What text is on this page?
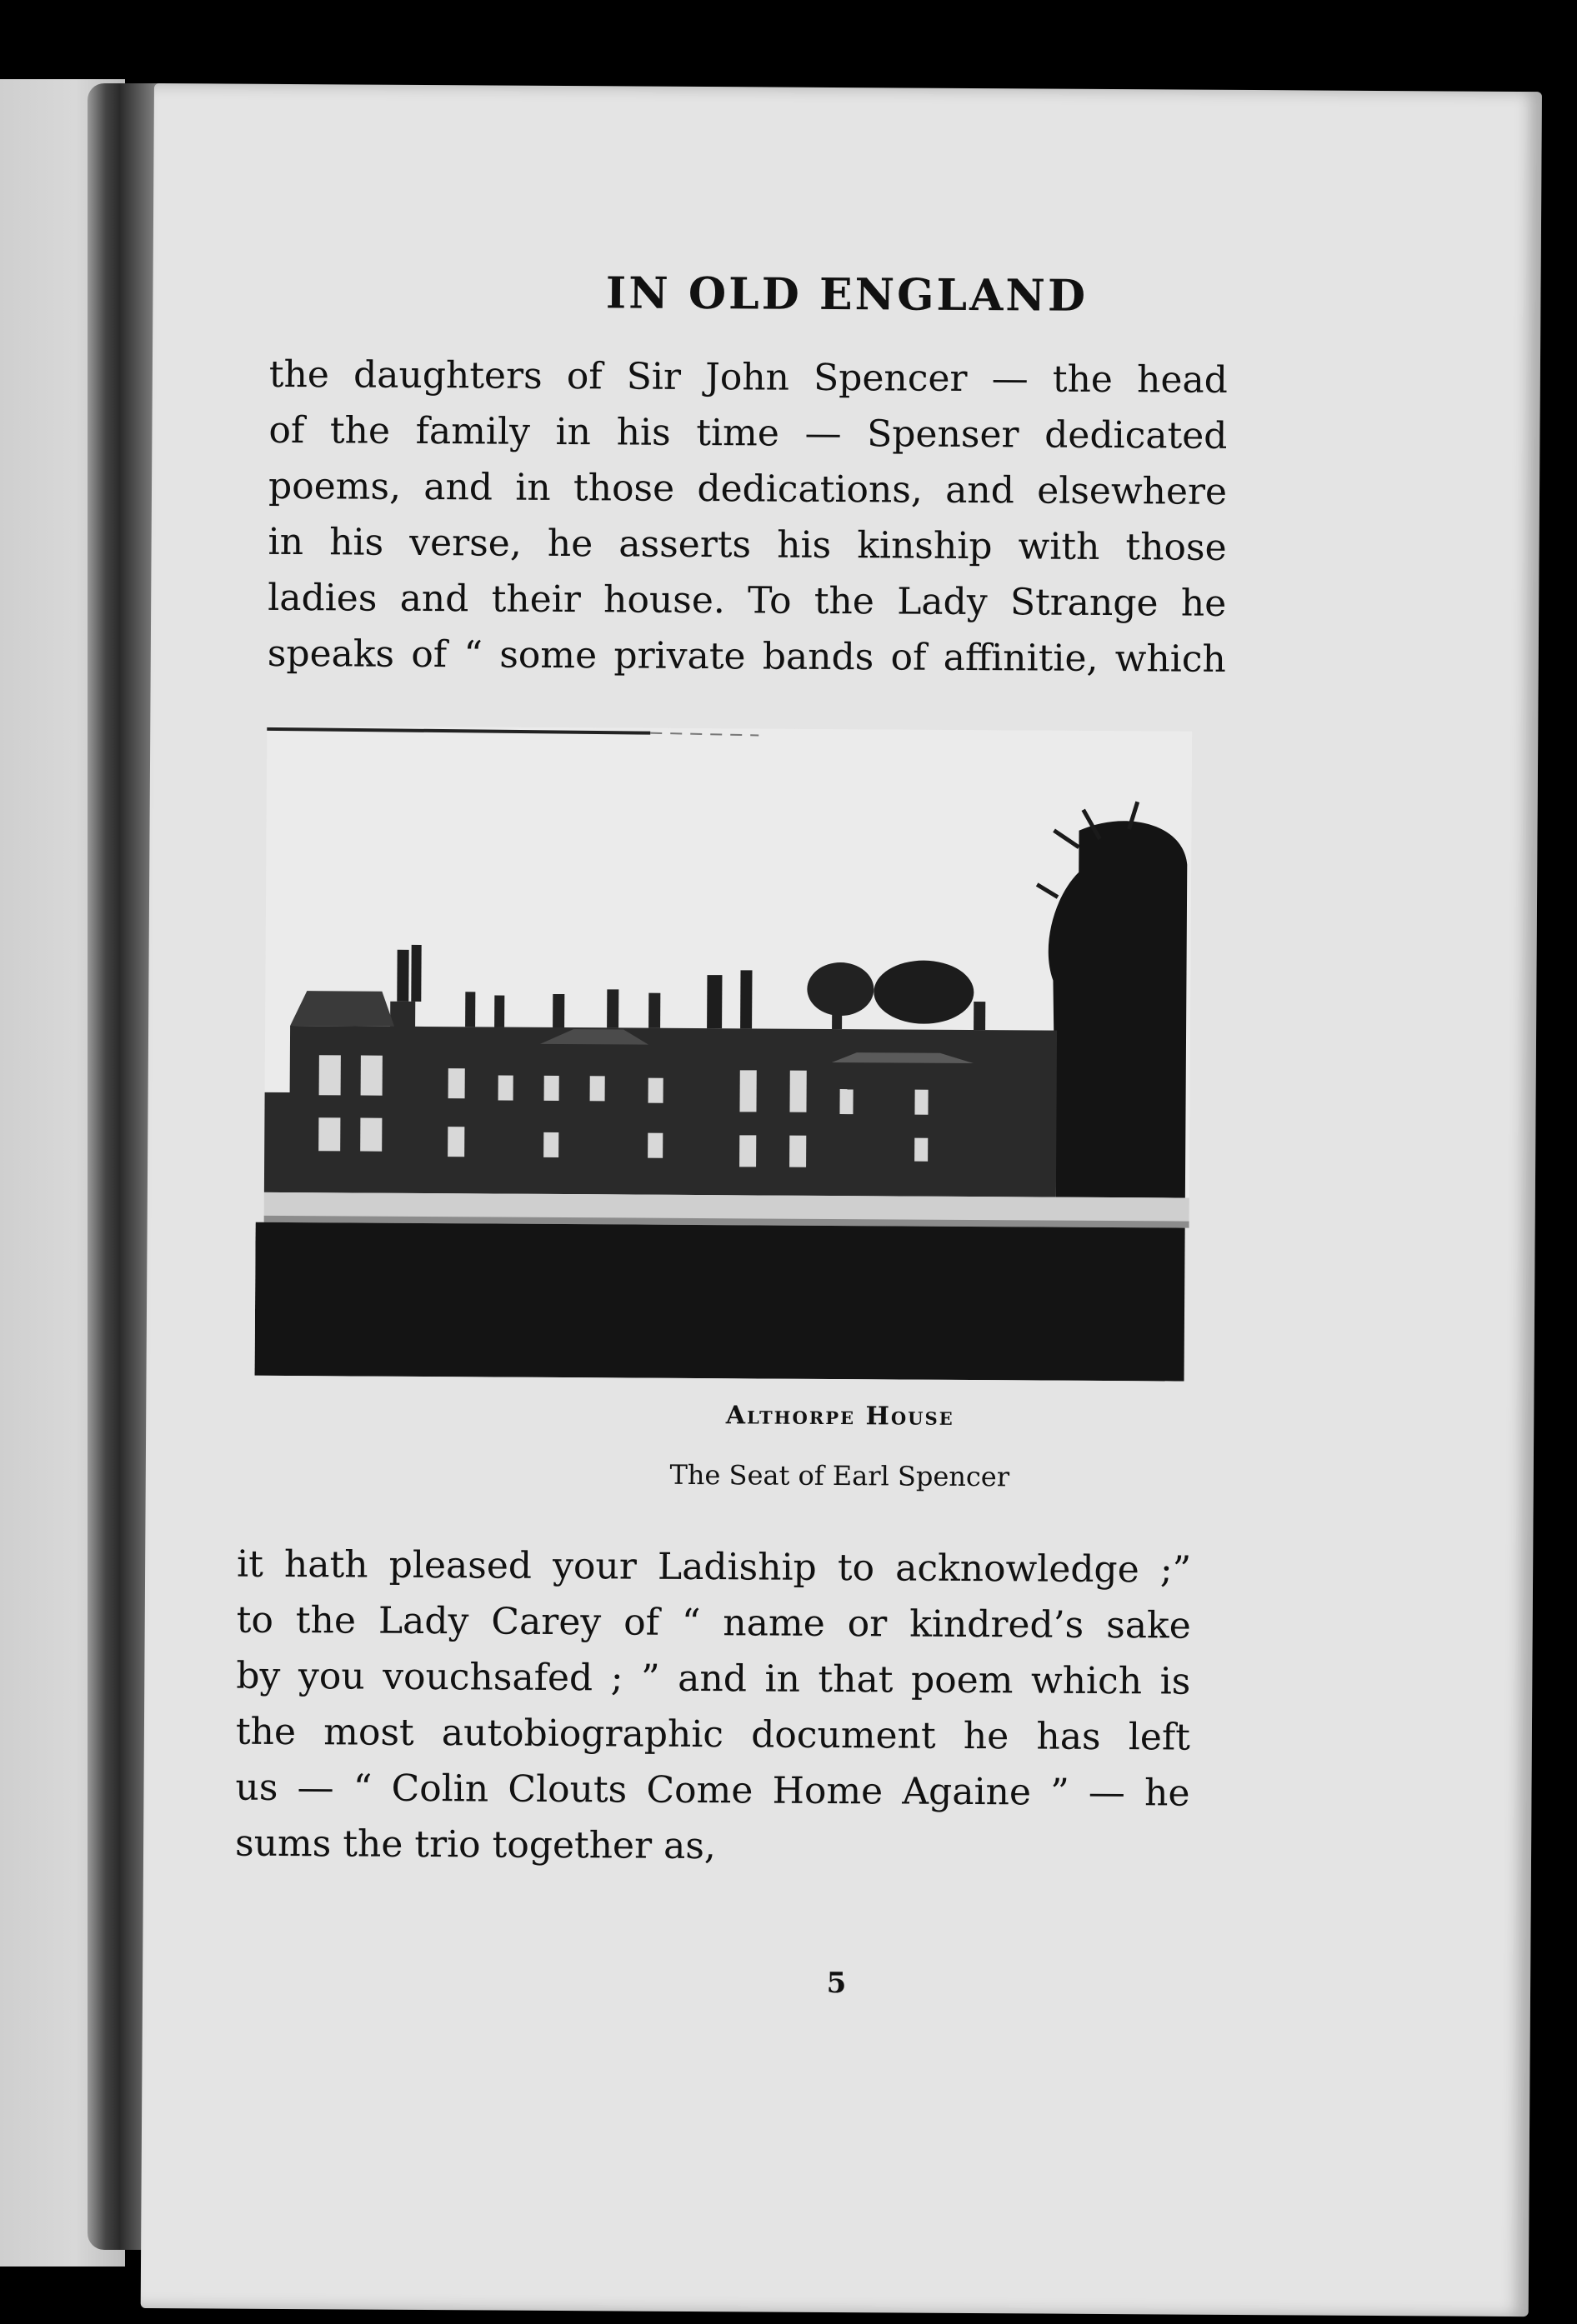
IN OLD ENGLAND
the daughters of Sir John Spencer — the head
of the family in his time — Spenser dedicated
poems, and in those dedications, and elsewhere
in his verse, he asserts his kinship with those
ladies and their house. To the Lady Strange he
speaks of “ some private bands of affinitie, which

Althorpe House

The Seat of Earl Spencer

it hath pleased your Ladiship to acknowledge ;”
to the Lady Carey of “ name or kindred’s sake
by you vouchsafed ; ” and in that poem which is
the most autobiographic document he has left
us — “ Colin Clouts Come Home Againe ” — he
sums the trio together as,

5
